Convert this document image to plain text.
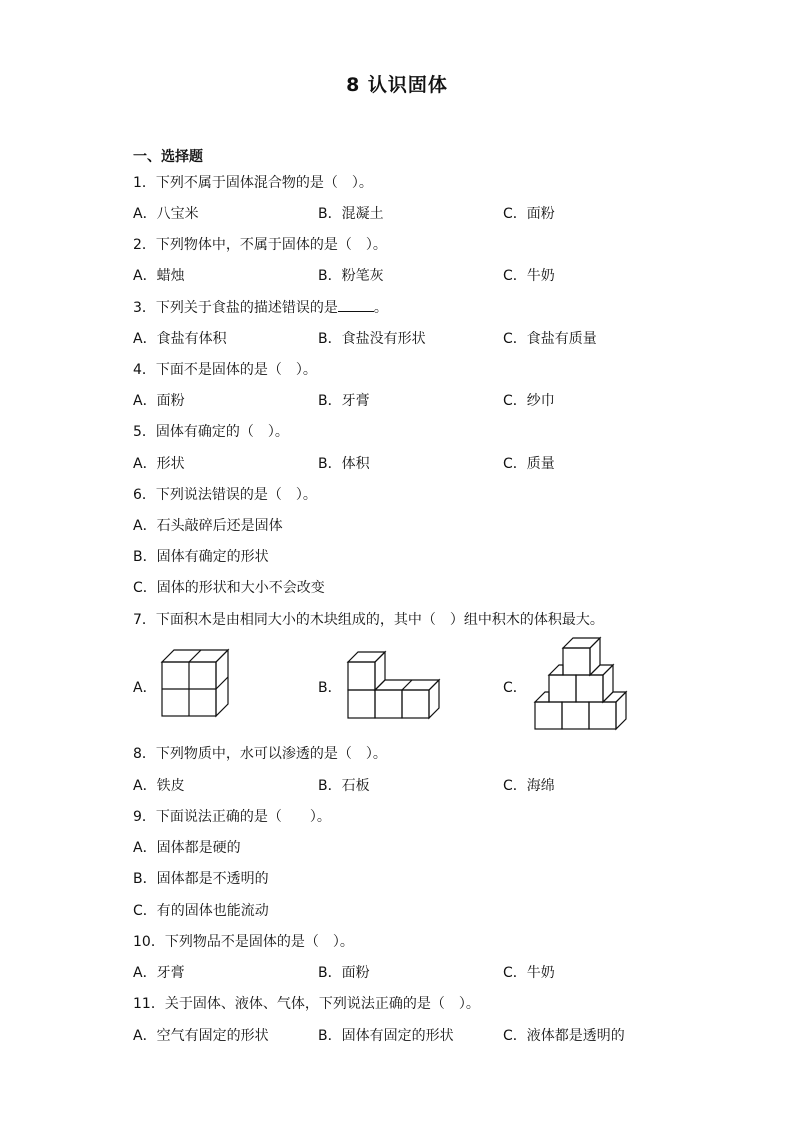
8 认识固体
一、选择题
1．下列不属于固体混合物的是（　）。
A．八宝米	B．混凝土	C．面粉
2．下列物体中，不属于固体的是（　）。
A．蜡烛	B．粉笔灰	C．牛奶
3．下列关于食盐的描述错误的是	。
A．食盐有体积	B．食盐没有形状	C．食盐有质量
4．下面不是固体的是（　）。
A．面粉	B．牙膏	C．纱巾
5．固体有确定的（　）。
A．形状	B．体积	C．质量
6．下列说法错误的是（　）。
A．石头敲碎后还是固体
B．固体有确定的形状
C．固体的形状和大小不会改变
7．下面积木是由相同大小的木块组成的，其中（　）组中积木的体积最大。
A．	B．	C．
8．下列物质中，水可以渗透的是（　）。
A．铁皮	B．石板	C．海绵
9．下面说法正确的是（　　）。
A．固体都是硬的
B．固体都是不透明的
C．有的固体也能流动
10．下列物品不是固体的是（　）。
A．牙膏	B．面粉	C．牛奶
11．关于固体、液体、气体，下列说法正确的是（　）。
A．空气有固定的形状	B．固体有固定的形状	C．液体都是透明的
